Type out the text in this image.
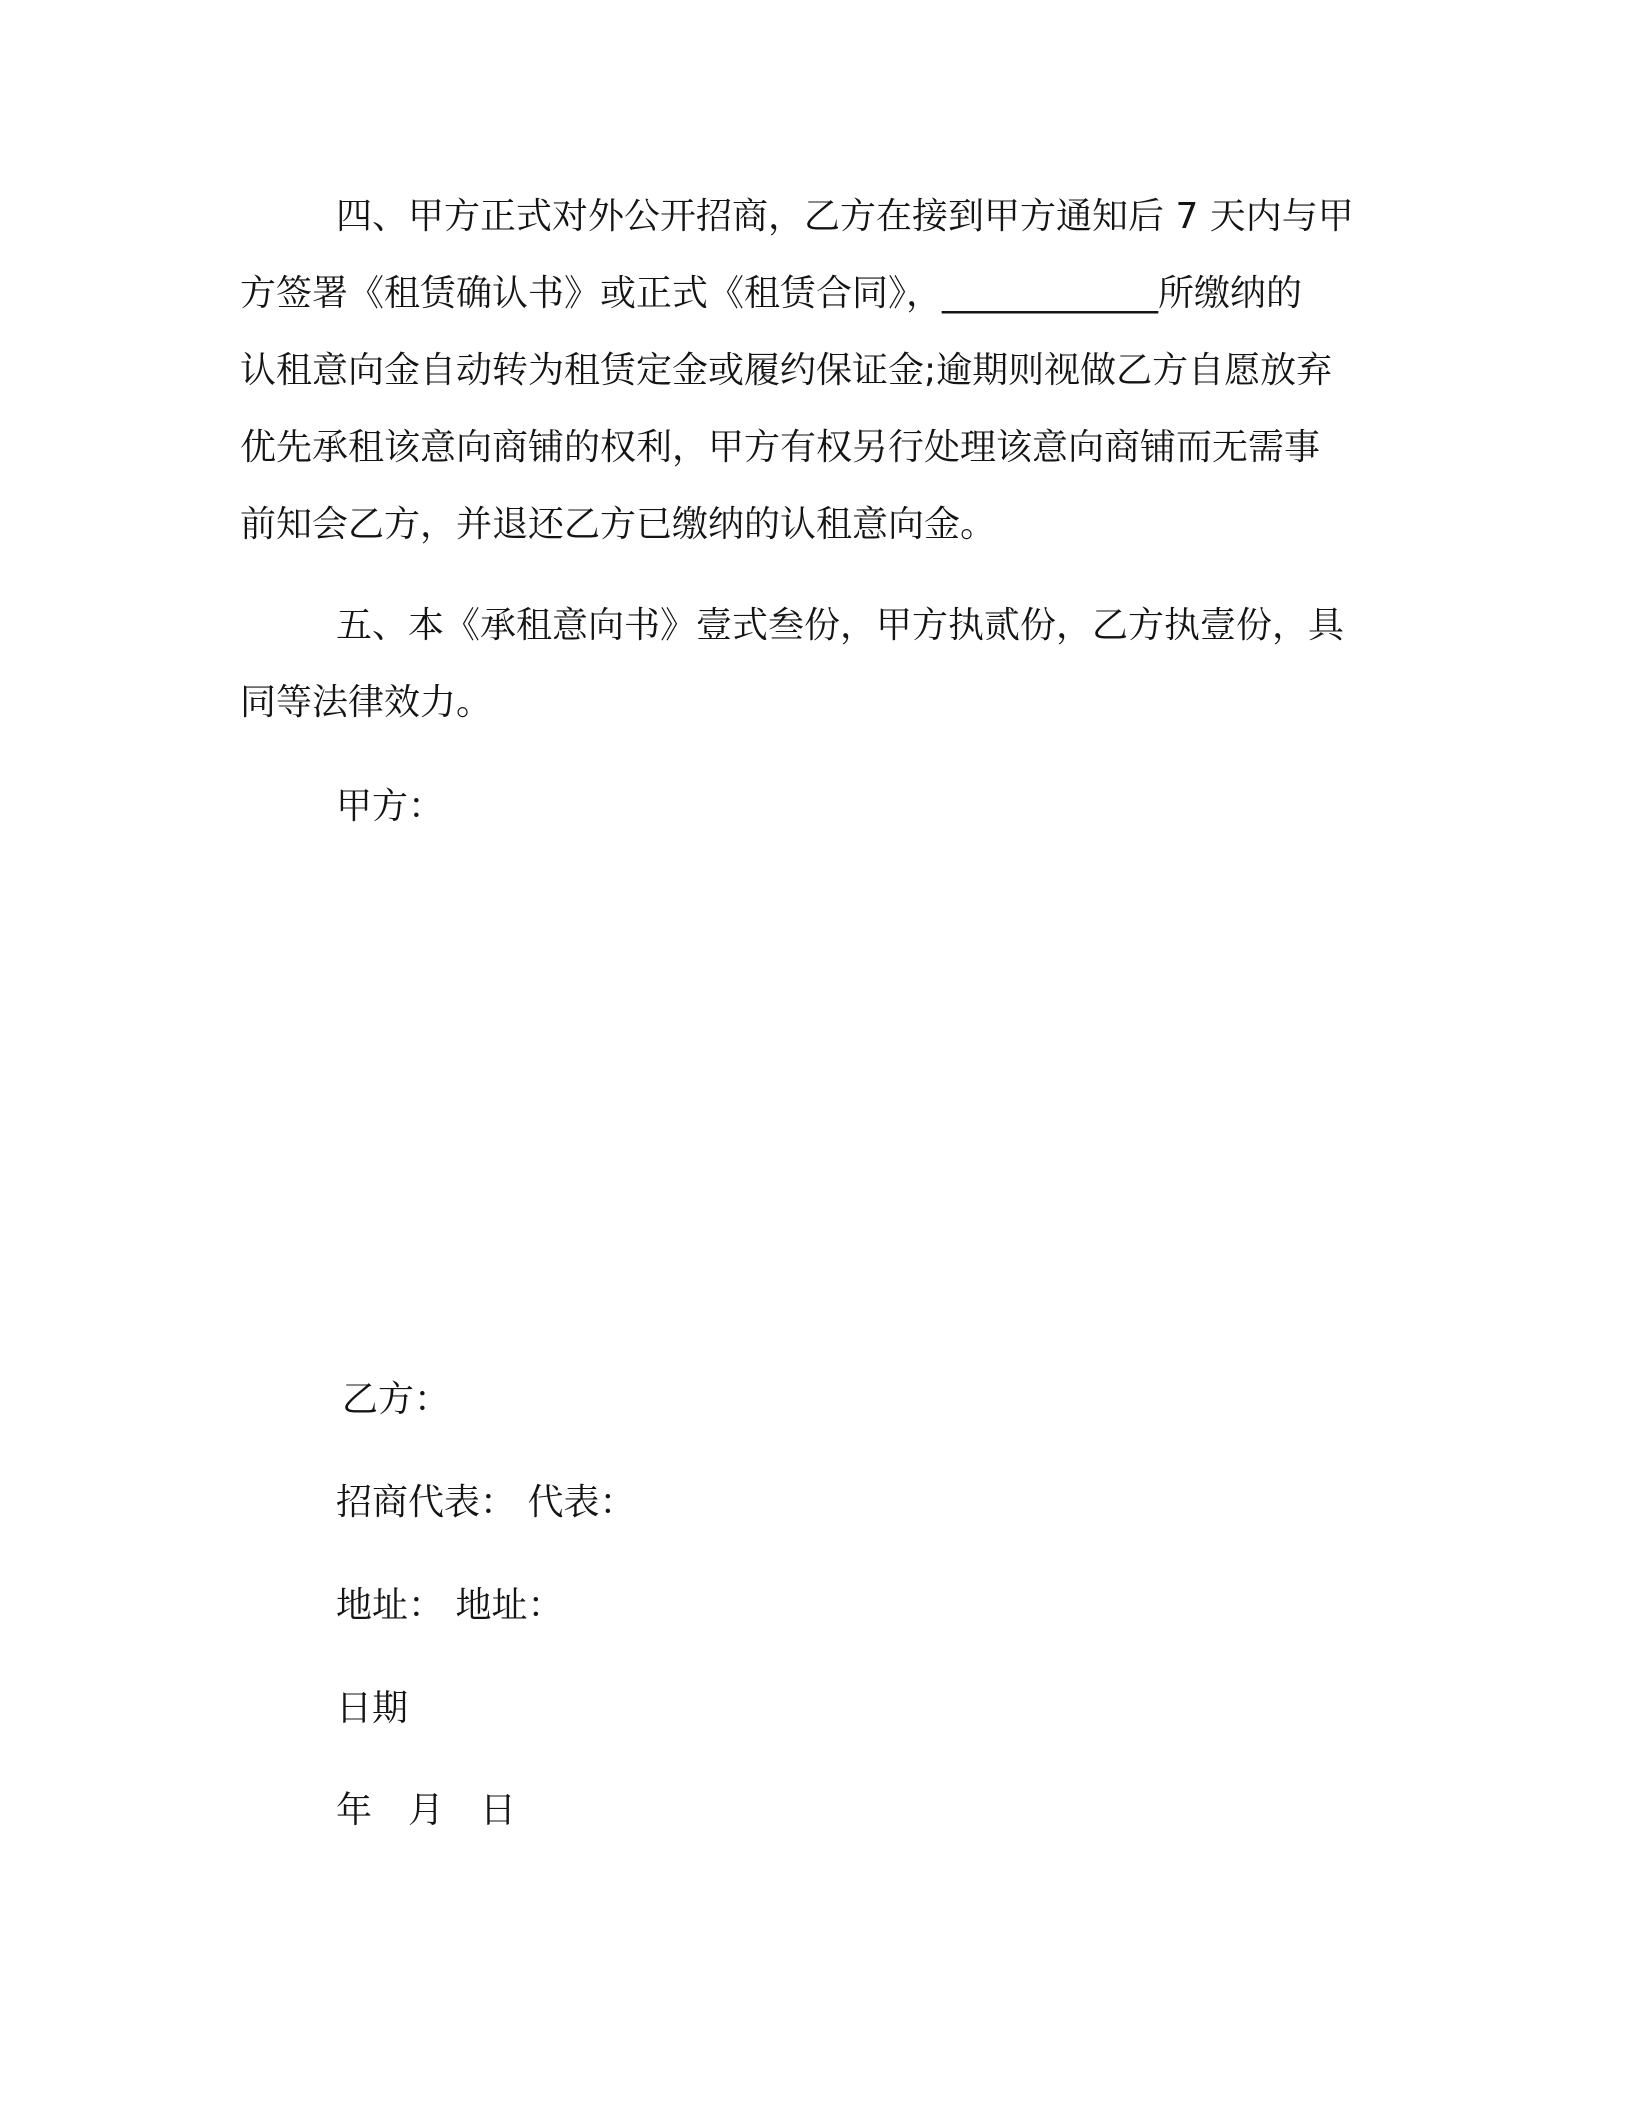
四、甲方正式对外公开招商，乙方在接到甲方通知后 7 天内与甲
方签署《租赁确认书》或正式《租赁合同》，____________所缴纳的
认租意向金自动转为租赁定金或履约保证金;逾期则视做乙方自愿放弃
优先承租该意向商铺的权利，甲方有权另行处理该意向商铺而无需事
前知会乙方，并退还乙方已缴纳的认租意向金。
五、本《承租意向书》壹式叁份，甲方执贰份，乙方执壹份，具
同等法律效力。

甲方：

乙方：

招商代表： 代表：

地址： 地址：

日期

年 月 日
